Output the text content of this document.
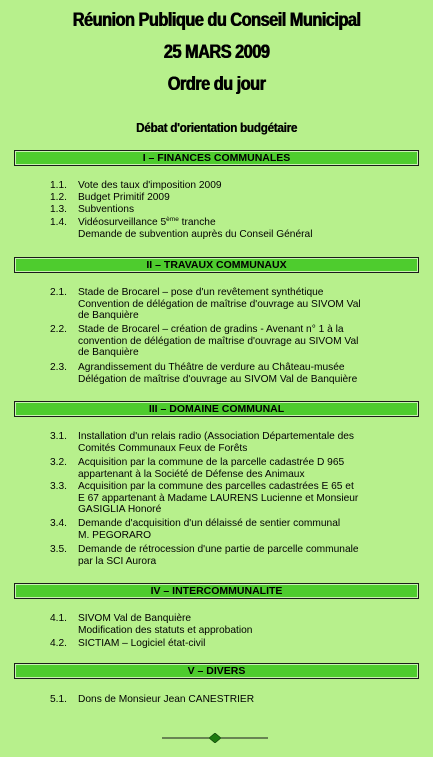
Réunion Publique du Conseil Municipal
25 MARS 2009
Ordre du jour
Débat d'orientation budgétaire
I – FINANCES COMMUNALES
1.1. Vote des taux d'imposition 2009
1.2. Budget Primitif 2009
1.3. Subventions
1.4. Vidéosurveillance 5ème tranche
Demande de subvention auprès du Conseil Général
II – TRAVAUX COMMUNAUX
2.1. Stade de Brocarel – pose d'un revêtement synthétique
Convention de délégation de maîtrise d'ouvrage au SIVOM Val
de Banquière
2.2. Stade de Brocarel – création de gradins - Avenant n° 1 à la
convention de délégation de maîtrise d'ouvrage au SIVOM Val
de Banquière
2.3. Agrandissement du Théâtre de verdure au Château-musée
Délégation de maîtrise d'ouvrage au SIVOM Val de Banquière
III – DOMAINE COMMUNAL
3.1. Installation d'un relais radio (Association Départementale des
Comités Communaux Feux de Forêts
3.2. Acquisition par la commune de la parcelle cadastrée D 965
appartenant à la Société de Défense des Animaux
3.3. Acquisition par la commune des parcelles cadastrées E 65 et
E 67 appartenant à Madame LAURENS Lucienne et Monsieur
GASIGLIA Honoré
3.4. Demande d'acquisition d'un délaissé de sentier communal
M. PEGORARO
3.5. Demande de rétrocession d'une partie de parcelle communale
par la SCI Aurora
IV – INTERCOMMUNALITE
4.1. SIVOM Val de Banquière
Modification des statuts et approbation
4.2. SICTIAM – Logiciel état-civil
V – DIVERS
5.1. Dons de Monsieur Jean CANESTRIER
